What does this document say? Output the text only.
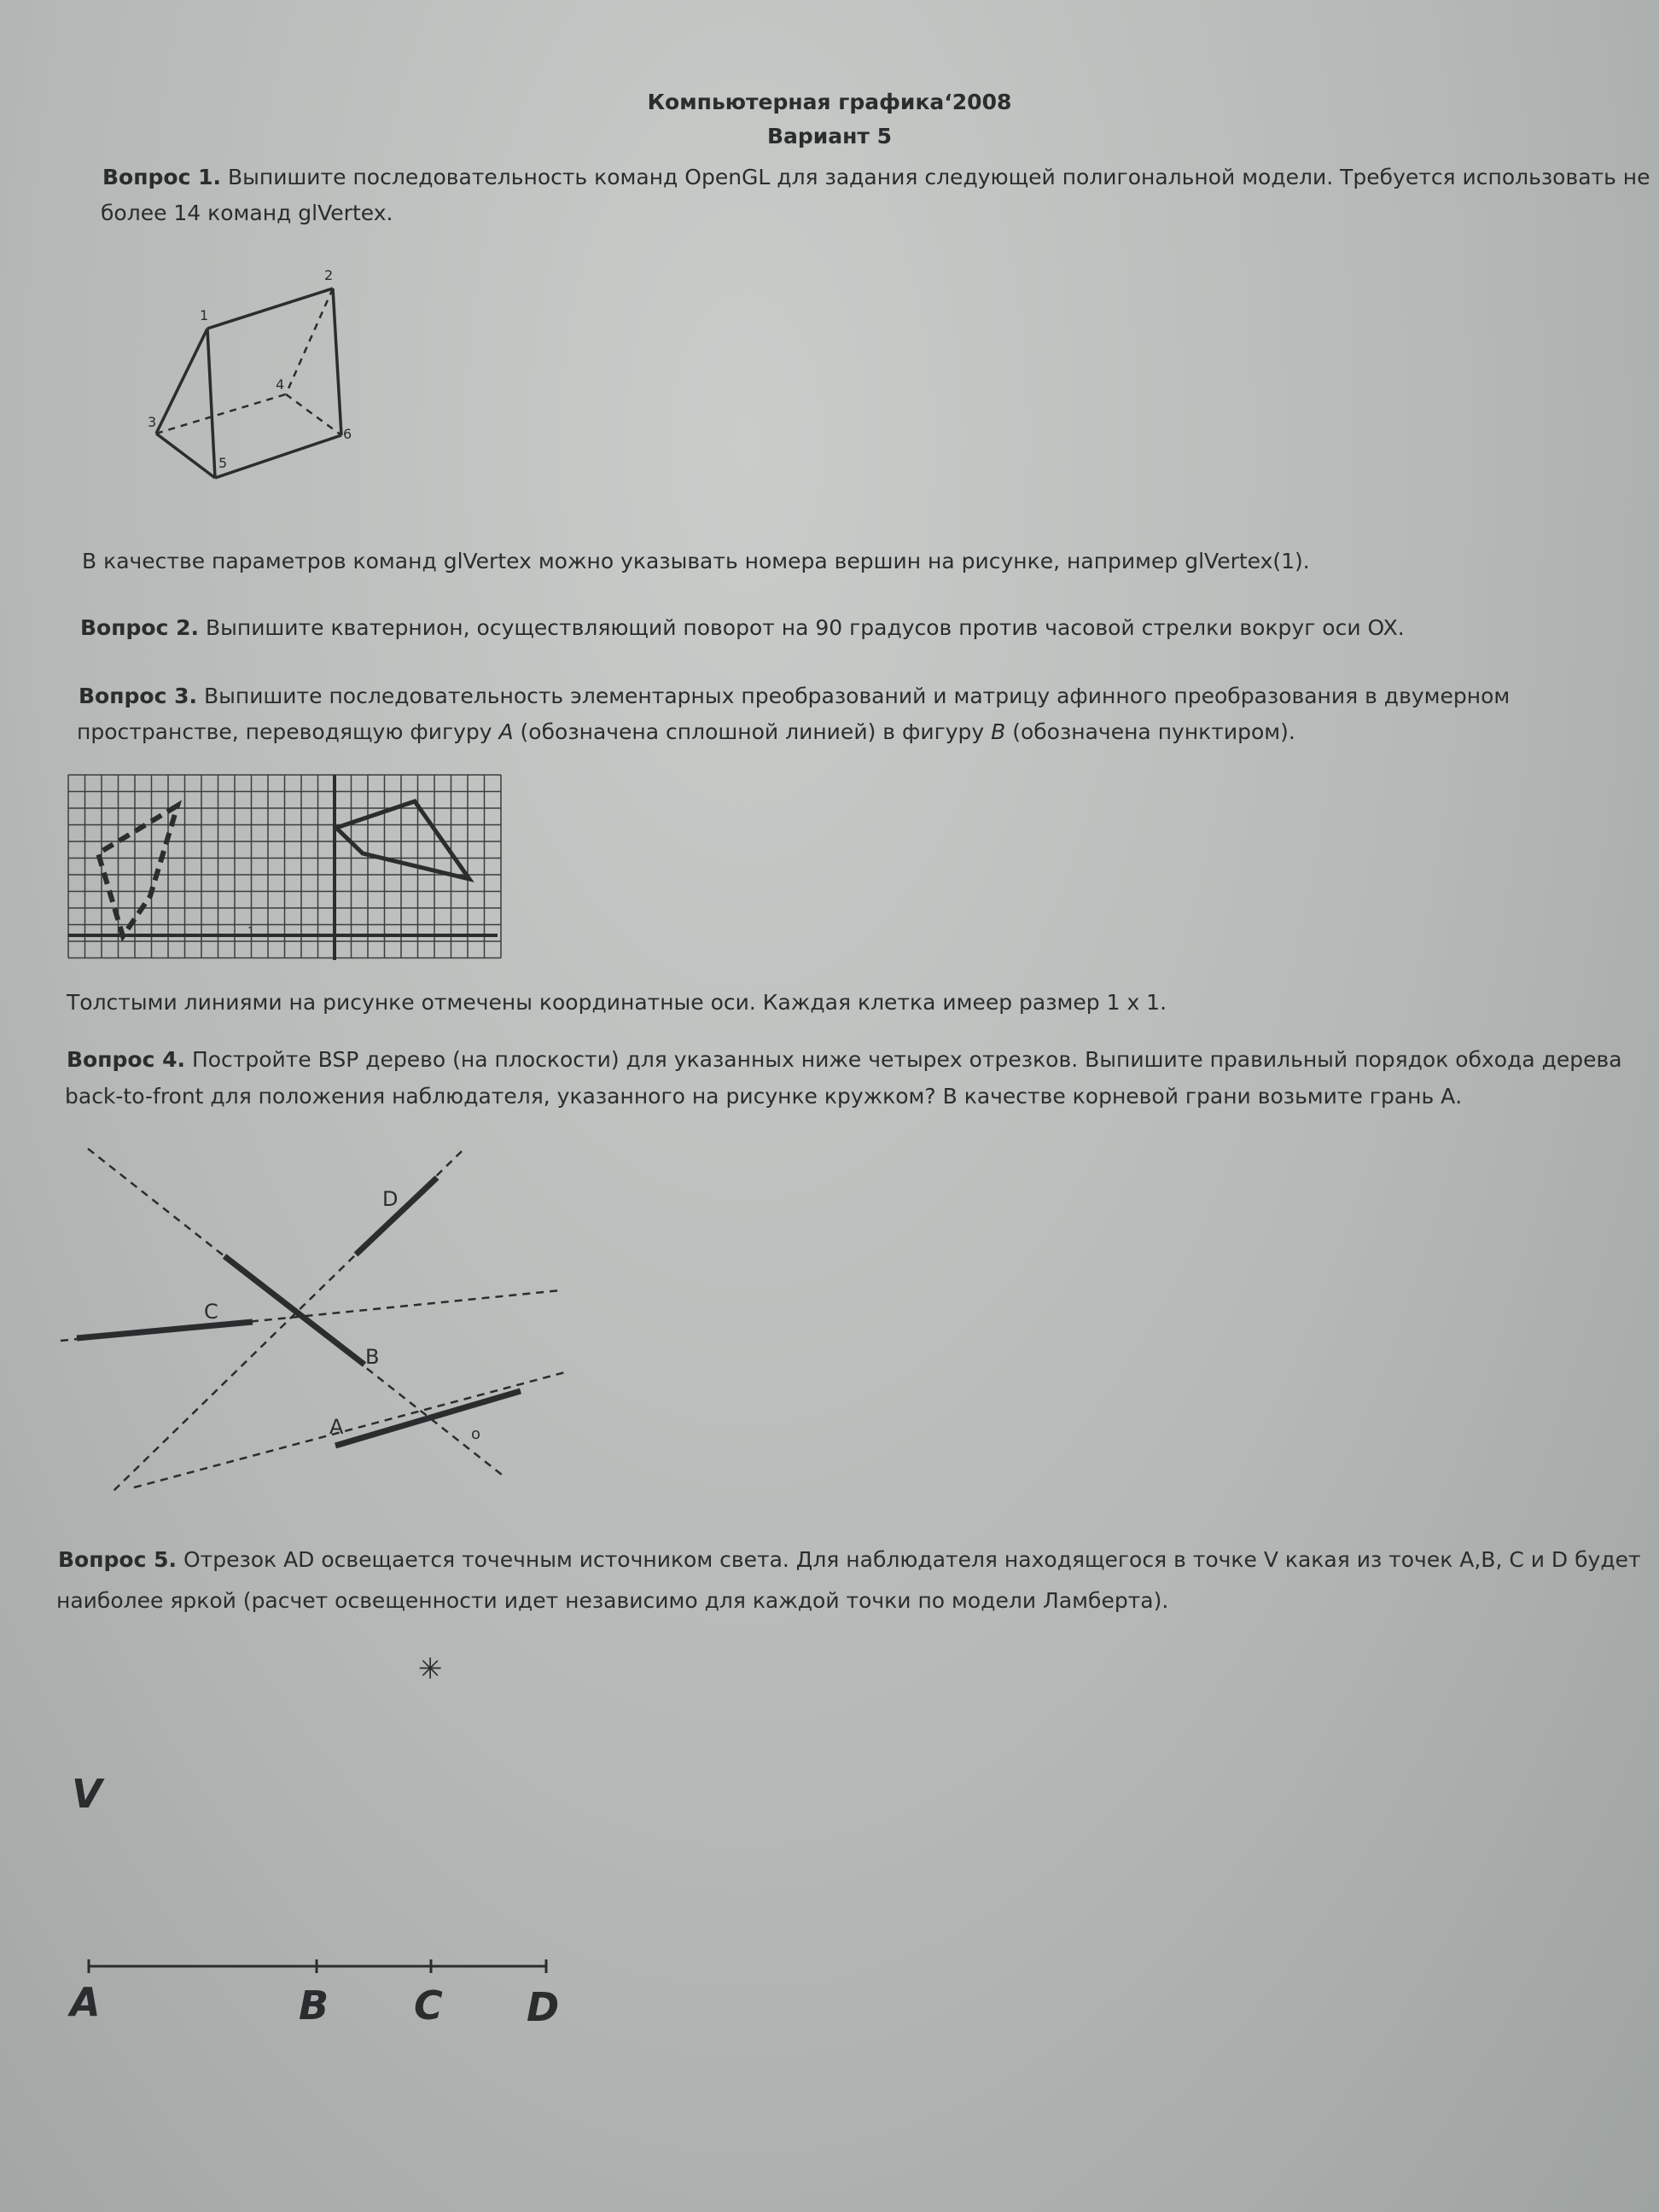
Компьютерная графика‘2008
Вариант 5
Вопрос 1. Выпишите последовательность команд OpenGL для задания следующей полигональной модели. Требуется использовать не
более 14 команд glVertex.
1
2
3
4
5
6
1
A
B
C
D
o
✳
V
A	B C D
В качестве параметров команд glVertex можно указывать номера вершин на рисунке, например glVertex(1).
Вопрос 2. Выпишите кватернион, осуществляющий поворот на 90 градусов против часовой стрелки вокруг оси OX.
Вопрос 3. Выпишите последовательность элементарных преобразований и матрицу афинного преобразования в двумерном
пространстве, переводящую фигуру A (обозначена сплошной линией) в фигуру B (обозначена пунктиром).
Толстыми линиями на рисунке отмечены координатные оси. Каждая клетка имеер размер 1 х 1.
Вопрос 4. Постройте BSP дерево (на плоскости) для указанных ниже четырех отрезков. Выпишите правильный порядок обхода дерева
back-to-front для положения наблюдателя, указанного на рисунке кружком? В качестве корневой грани возьмите грань А.
Вопрос 5. Отрезок AD освещается точечным источником света. Для наблюдателя находящегося в точке V какая из точек A,B, C и D будет
наиболее яркой (расчет освещенности идет независимо для каждой точки по модели Ламберта).
